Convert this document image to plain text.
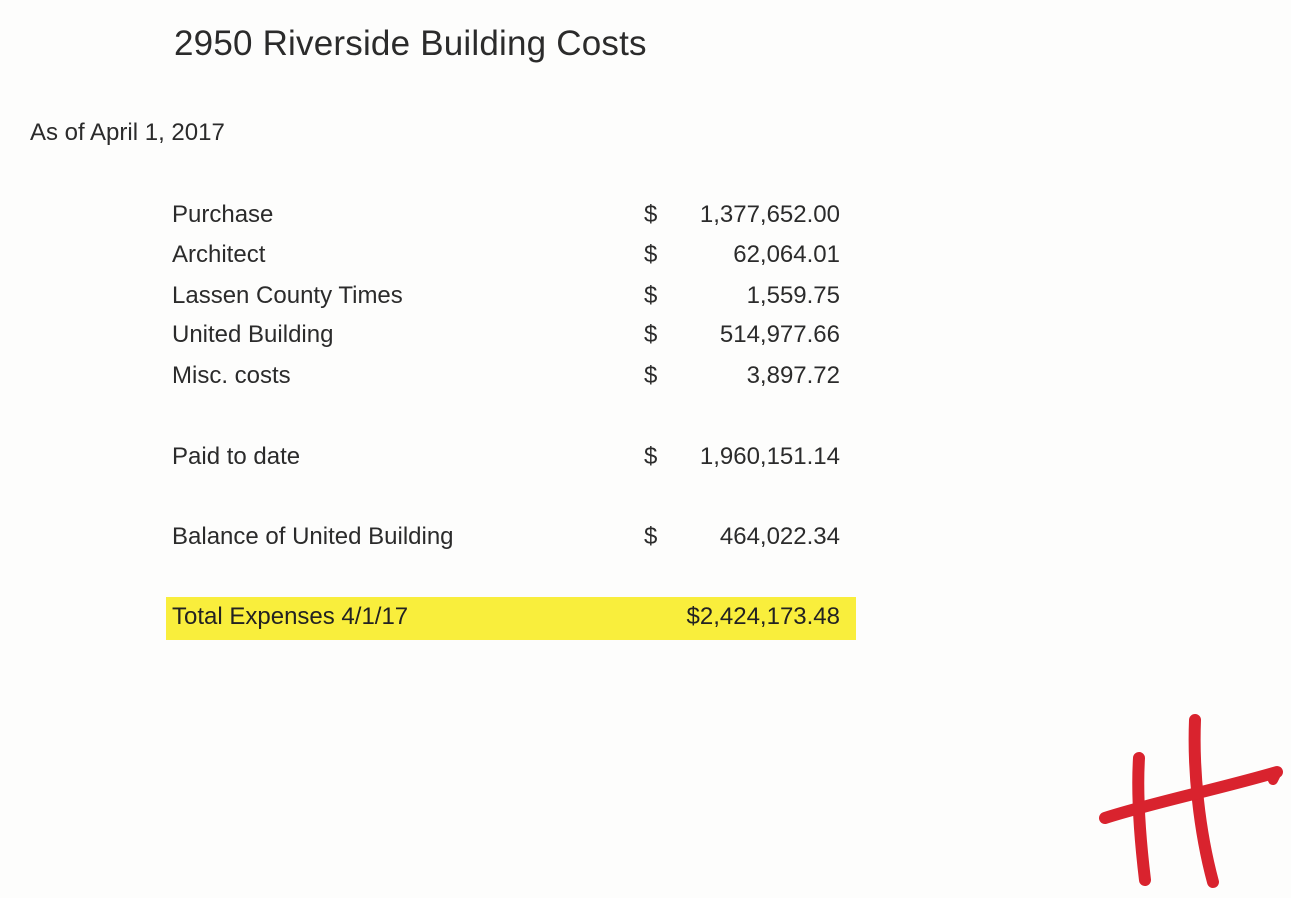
2950 Riverside Building Costs
As of April 1, 2017
Purchase	$ 1,377,652.00
Architect	$	62,064.01
Lassen County Times	$	1,559.75
United Building	$	514,977.66
Misc. costs	$	3,897.72
Paid to date	$ 1,960,151.14
Balance of United Building	$	464,022.34
Total Expenses 4/1/17	$2,424,173.48
